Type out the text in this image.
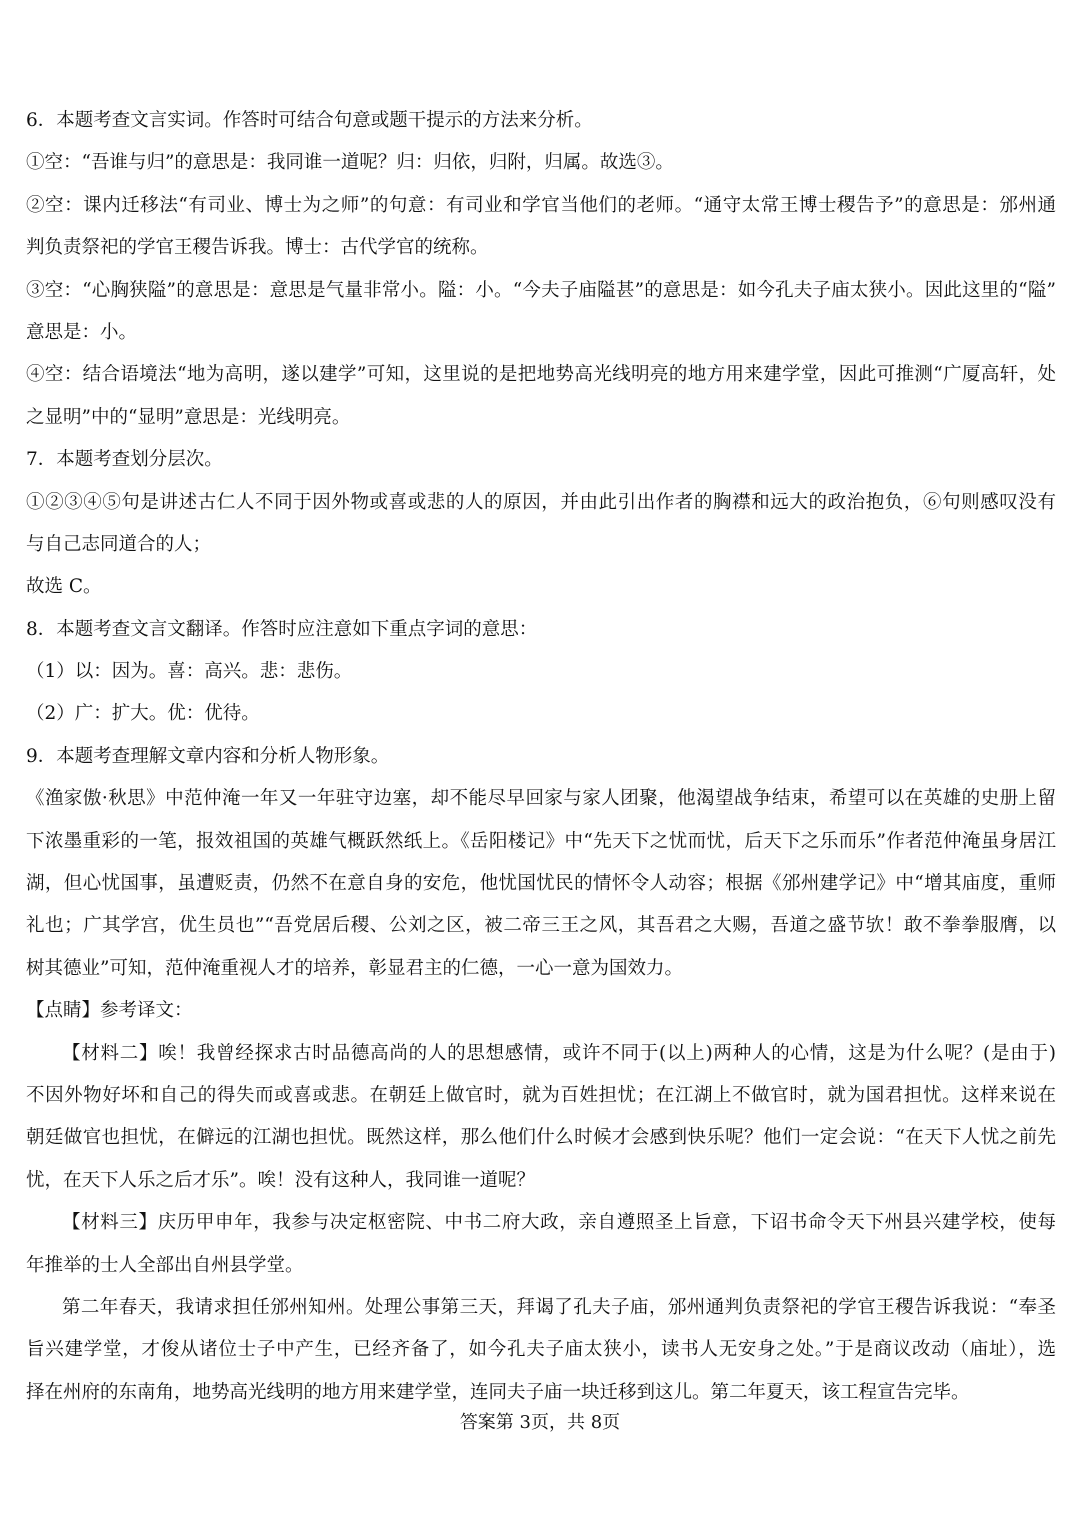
6．本题考查文言实词。作答时可结合句意或题干提示的方法来分析。
①空：“吾谁与归”的意思是：我同谁一道呢？归：归依，归附，归属。故选③。
②空：课内迁移法“有司业、博士为之师”的句意：有司业和学官当他们的老师。“通守太常王博士稷告予”的意思是：邠州通
判负责祭祀的学官王稷告诉我。博士：古代学官的统称。
③空：“心胸狭隘”的意思是：意思是气量非常小。隘：小。“今夫子庙隘甚”的意思是：如今孔夫子庙太狭小。因此这里的“隘”
意思是：小。
④空：结合语境法“地为高明，遂以建学”可知，这里说的是把地势高光线明亮的地方用来建学堂，因此可推测“广厦高轩，处
之显明”中的“显明”意思是：光线明亮。
7．本题考查划分层次。
①②③④⑤句是讲述古仁人不同于因外物或喜或悲的人的原因，并由此引出作者的胸襟和远大的政治抱负，⑥句则感叹没有
与自己志同道合的人；
故选 C。
8．本题考查文言文翻译。作答时应注意如下重点字词的意思：
（1）以：因为。喜：高兴。悲：悲伤。
（2）广：扩大。优：优待。
9．本题考查理解文章内容和分析人物形象。
《渔家傲·秋思》中范仲淹一年又一年驻守边塞，却不能尽早回家与家人团聚，他渴望战争结束，希望可以在英雄的史册上留
下浓墨重彩的一笔，报效祖国的英雄气概跃然纸上。《岳阳楼记》中“先天下之忧而忧，后天下之乐而乐”作者范仲淹虽身居江
湖，但心忧国事，虽遭贬责，仍然不在意自身的安危，他忧国忧民的情怀令人动容；根据《邠州建学记》中“增其庙度，重师
礼也；广其学宫，优生员也”“吾党居后稷、公刘之区，被二帝三王之风，其吾君之大赐，吾道之盛节欤！敢不拳拳服膺，以
树其德业”可知，范仲淹重视人才的培养，彰显君主的仁德，一心一意为国效力。
【点睛】参考译文：
【材料二】唉！我曾经探求古时品德高尚的人的思想感情，或许不同于(以上)两种人的心情，这是为什么呢？(是由于)
不因外物好坏和自己的得失而或喜或悲。在朝廷上做官时，就为百姓担忧；在江湖上不做官时，就为国君担忧。这样来说在
朝廷做官也担忧，在僻远的江湖也担忧。既然这样，那么他们什么时候才会感到快乐呢？他们一定会说：“在天下人忧之前先
忧，在天下人乐之后才乐”。唉！没有这种人，我同谁一道呢？
【材料三】庆历甲申年，我参与决定枢密院、中书二府大政，亲自遵照圣上旨意，下诏书命令天下州县兴建学校，使每
年推举的士人全部出自州县学堂。
第二年春天，我请求担任邠州知州。处理公事第三天，拜谒了孔夫子庙，邠州通判负责祭祀的学官王稷告诉我说：“奉圣
旨兴建学堂，才俊从诸位士子中产生，已经齐备了，如今孔夫子庙太狭小，读书人无安身之处。”于是商议改动（庙址），选
择在州府的东南角，地势高光线明的地方用来建学堂，连同夫子庙一块迁移到这儿。第二年夏天，该工程宣告完毕。
答案第 3页，共 8页
